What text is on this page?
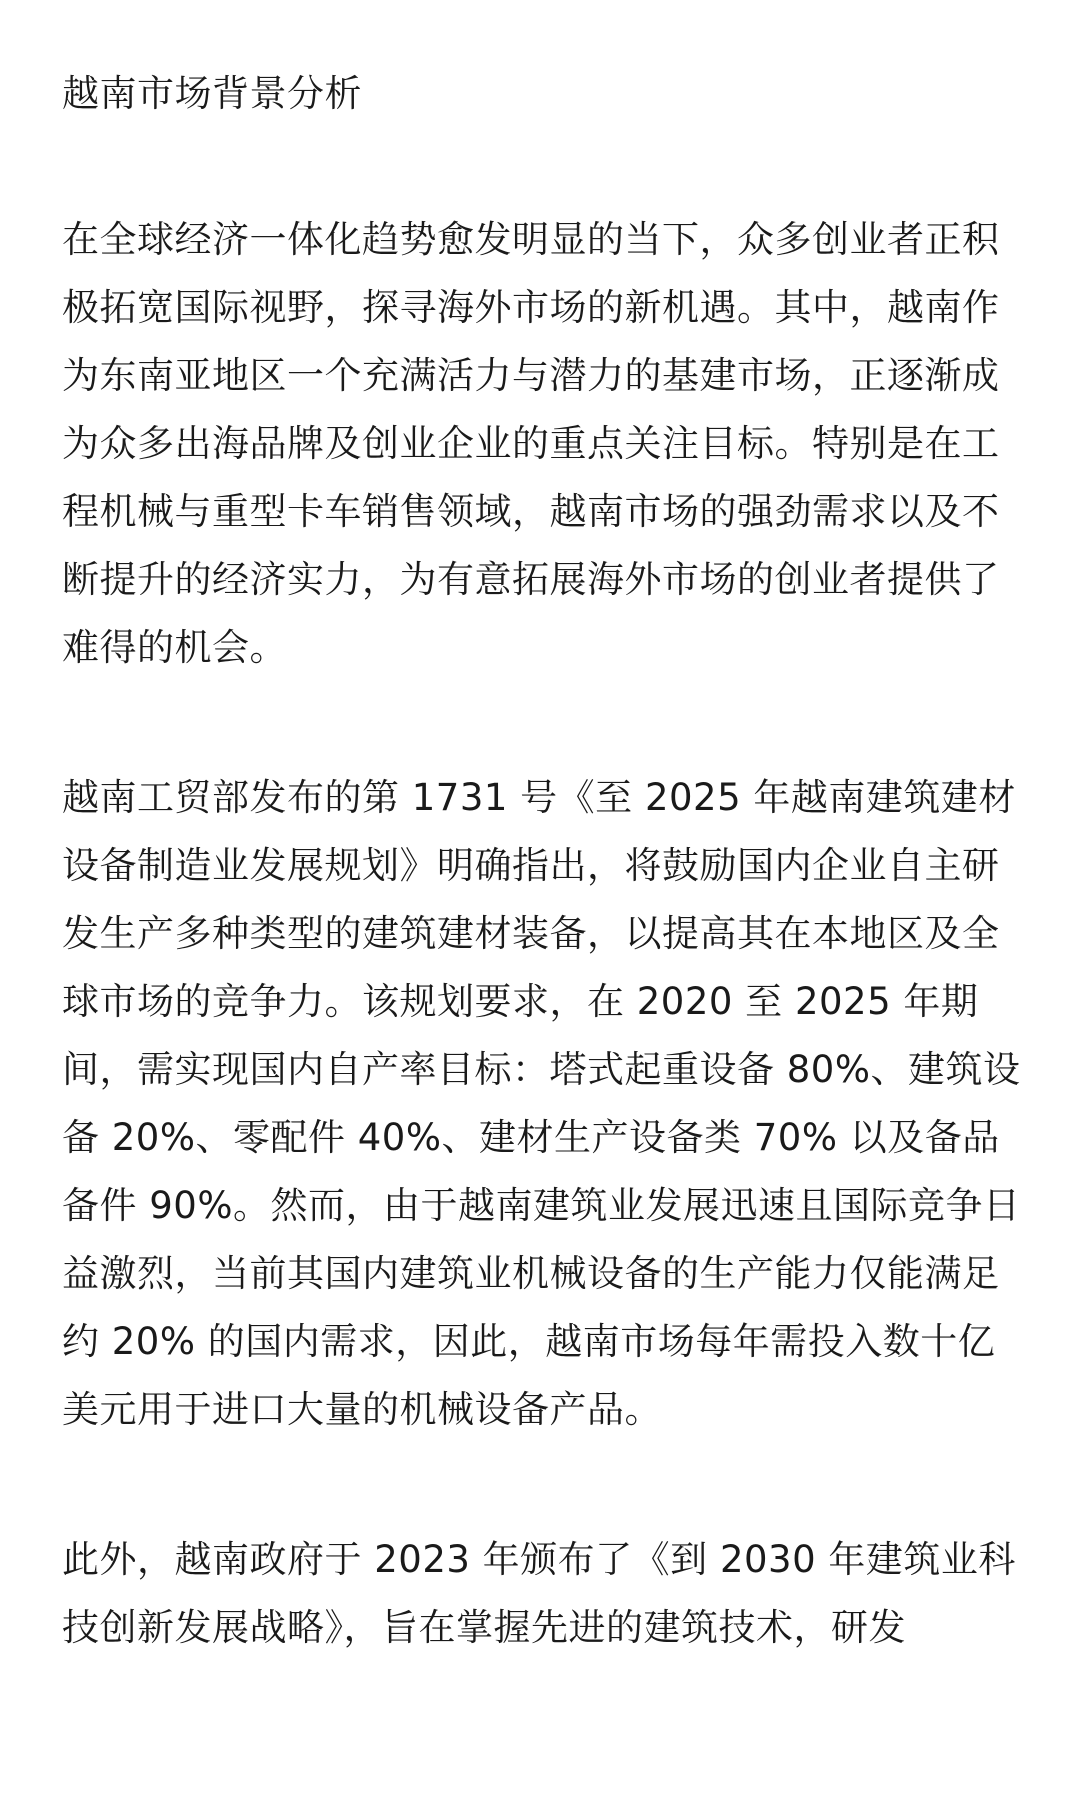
越南市场背景分析

在全球经济一体化趋势愈发明显的当下，众多创业者正积极拓宽国际视野，探寻海外市场的新机遇。其中，越南作为东南亚地区一个充满活力与潜力的基建市场，正逐渐成为众多出海品牌及创业企业的重点关注目标。特别是在工程机械与重型卡车销售领域，越南市场的强劲需求以及不断提升的经济实力，为有意拓展海外市场的创业者提供了难得的机会。

越南工贸部发布的第 1731 号《至 2025 年越南建筑建材设备制造业发展规划》明确指出，将鼓励国内企业自主研发生产多种类型的建筑建材装备，以提高其在本地区及全球市场的竞争力。该规划要求，在 2020 至 2025 年期间，需实现国内自产率目标：塔式起重设备 80%、建筑设备 20%、零配件 40%、建材生产设备类 70% 以及备品备件 90%。然而，由于越南建筑业发展迅速且国际竞争日益激烈，当前其国内建筑业机械设备的生产能力仅能满足约 20% 的国内需求，因此，越南市场每年需投入数十亿美元用于进口大量的机械设备产品。

此外，越南政府于 2023 年颁布了《到 2030 年建筑业科技创新发展战略》，旨在掌握先进的建筑技术，研发
